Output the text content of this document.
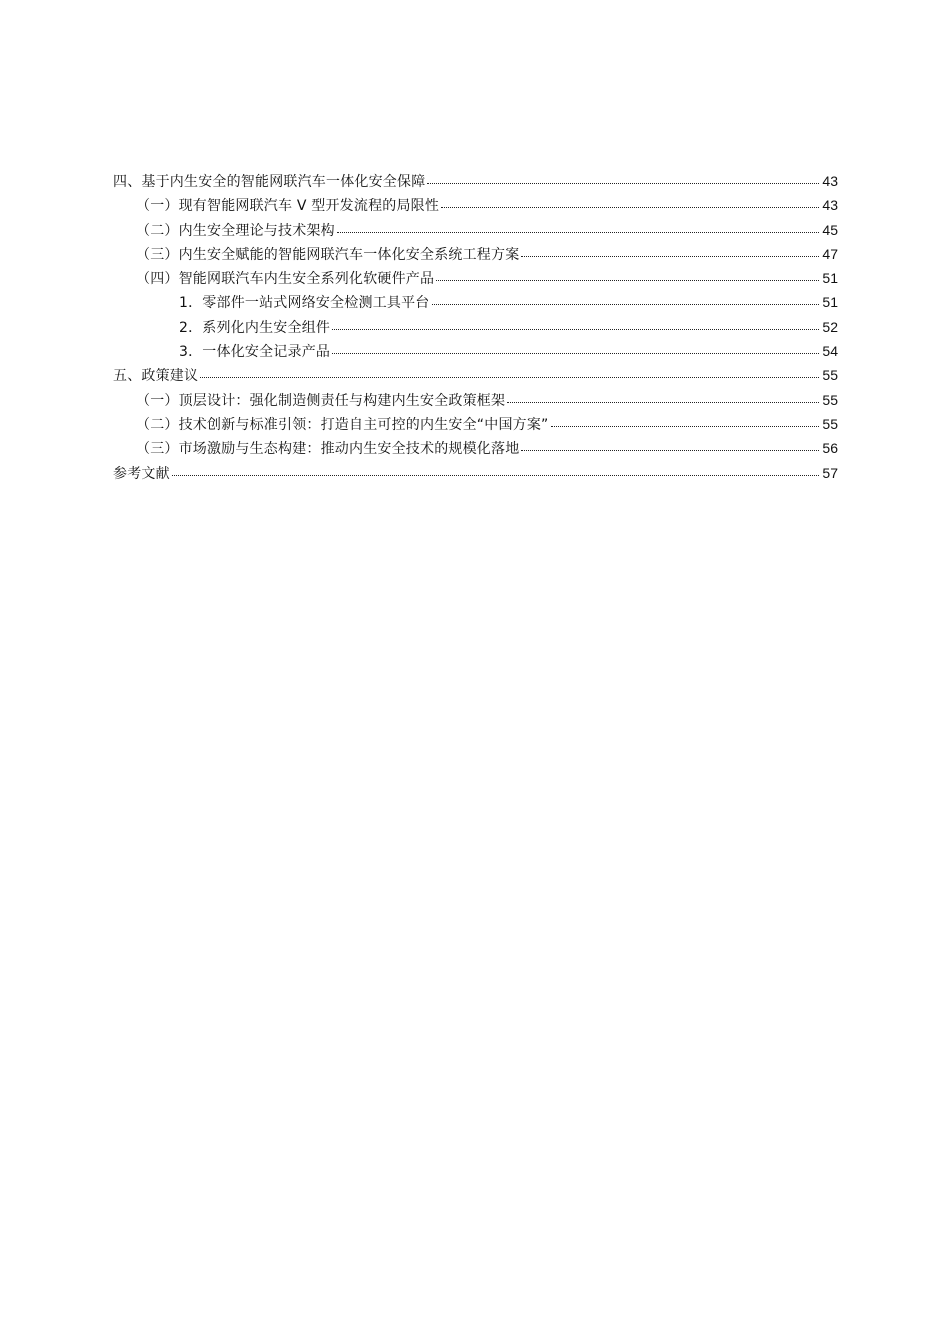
四、基于内生安全的智能网联汽车一体化安全保障	43
（一）现有智能网联汽车 V 型开发流程的局限性	43
（二）内生安全理论与技术架构	45
（三）内生安全赋能的智能网联汽车一体化安全系统工程方案	47
（四）智能网联汽车内生安全系列化软硬件产品	51
1．零部件一站式网络安全检测工具平台	51
2．系列化内生安全组件	52
3．一体化安全记录产品	54
五、政策建议	55
（一）顶层设计：强化制造侧责任与构建内生安全政策框架	55
（二）技术创新与标准引领：打造自主可控的内生安全“中国方案”	55
（三）市场激励与生态构建：推动内生安全技术的规模化落地	56
参考文献	57
